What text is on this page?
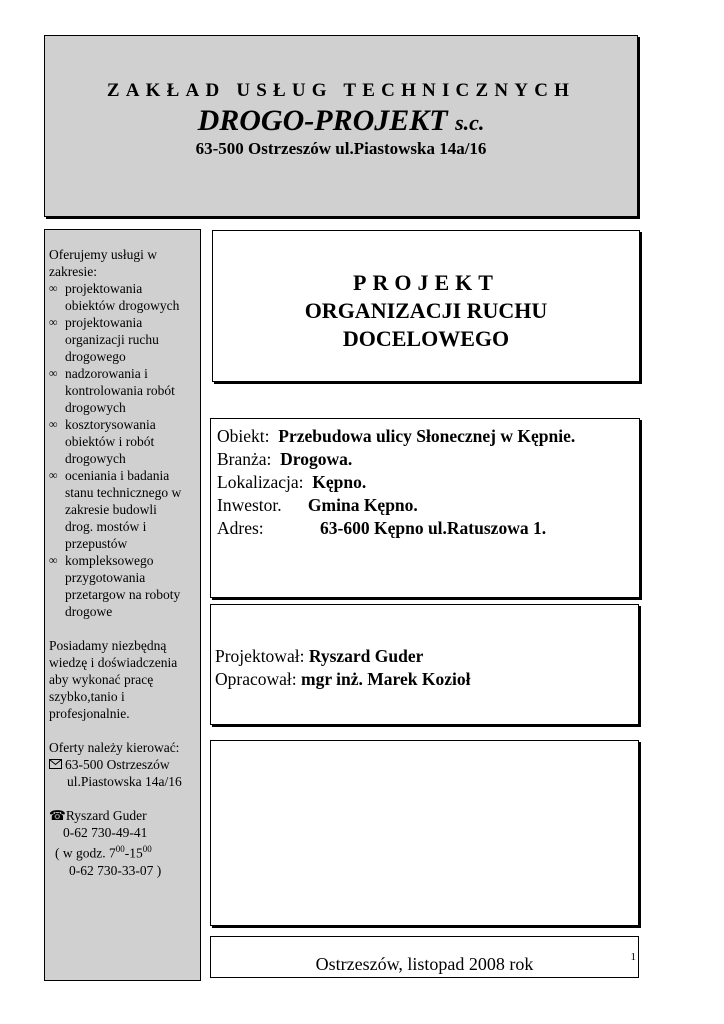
ZAKŁAD USŁUG TECHNICZNYCH
DROGO-PROJEKT s.c.
63-500 Ostrzeszów ul.Piastowska 14a/16

Oferujemy usługi w

zakresie:

∞ projektowania
obiektów drogowych
∞ projektowania
organizacji ruchu
drogowego
∞ nadzorowania i
kontrolowania robót
drogowych
∞ kosztorysowania
obiektów i robót
drogowych
∞ oceniania i badania
stanu technicznego w
zakresie budowli
drog. mostów i
przepustów
∞ kompleksowego
przygotowania
przetargow na roboty
drogowe

Posiadamy niezbędną

wiedzę i doświadczenia

aby wykonać pracę

szybko,tanio i

profesjonalnie.

Oferty należy kierować:

63-500 Ostrzeszów

ul.Piastowska 14a/16

☎Ryszard Guder

0-62 730-49-41

( w godz. $7^{00}-15^{00}$

0-62 730-33-07 )

PROJEKT
ORGANIZACJI RUCHU
DOCELOWEGO
Obiekt: Przebudowa ulicy Słonecznej w Kępnie.
Branża: Drogowa.
Lokalizacja: Kępno.
Inwestor. Gmina Kępno.
Adres:	63-600 Kępno ul.Ratuszowa 1.
Projektował: Ryszard Guder
Opracował: mgr inż. Marek Kozioł
Ostrzeszów, listopad 2008 rok	1
